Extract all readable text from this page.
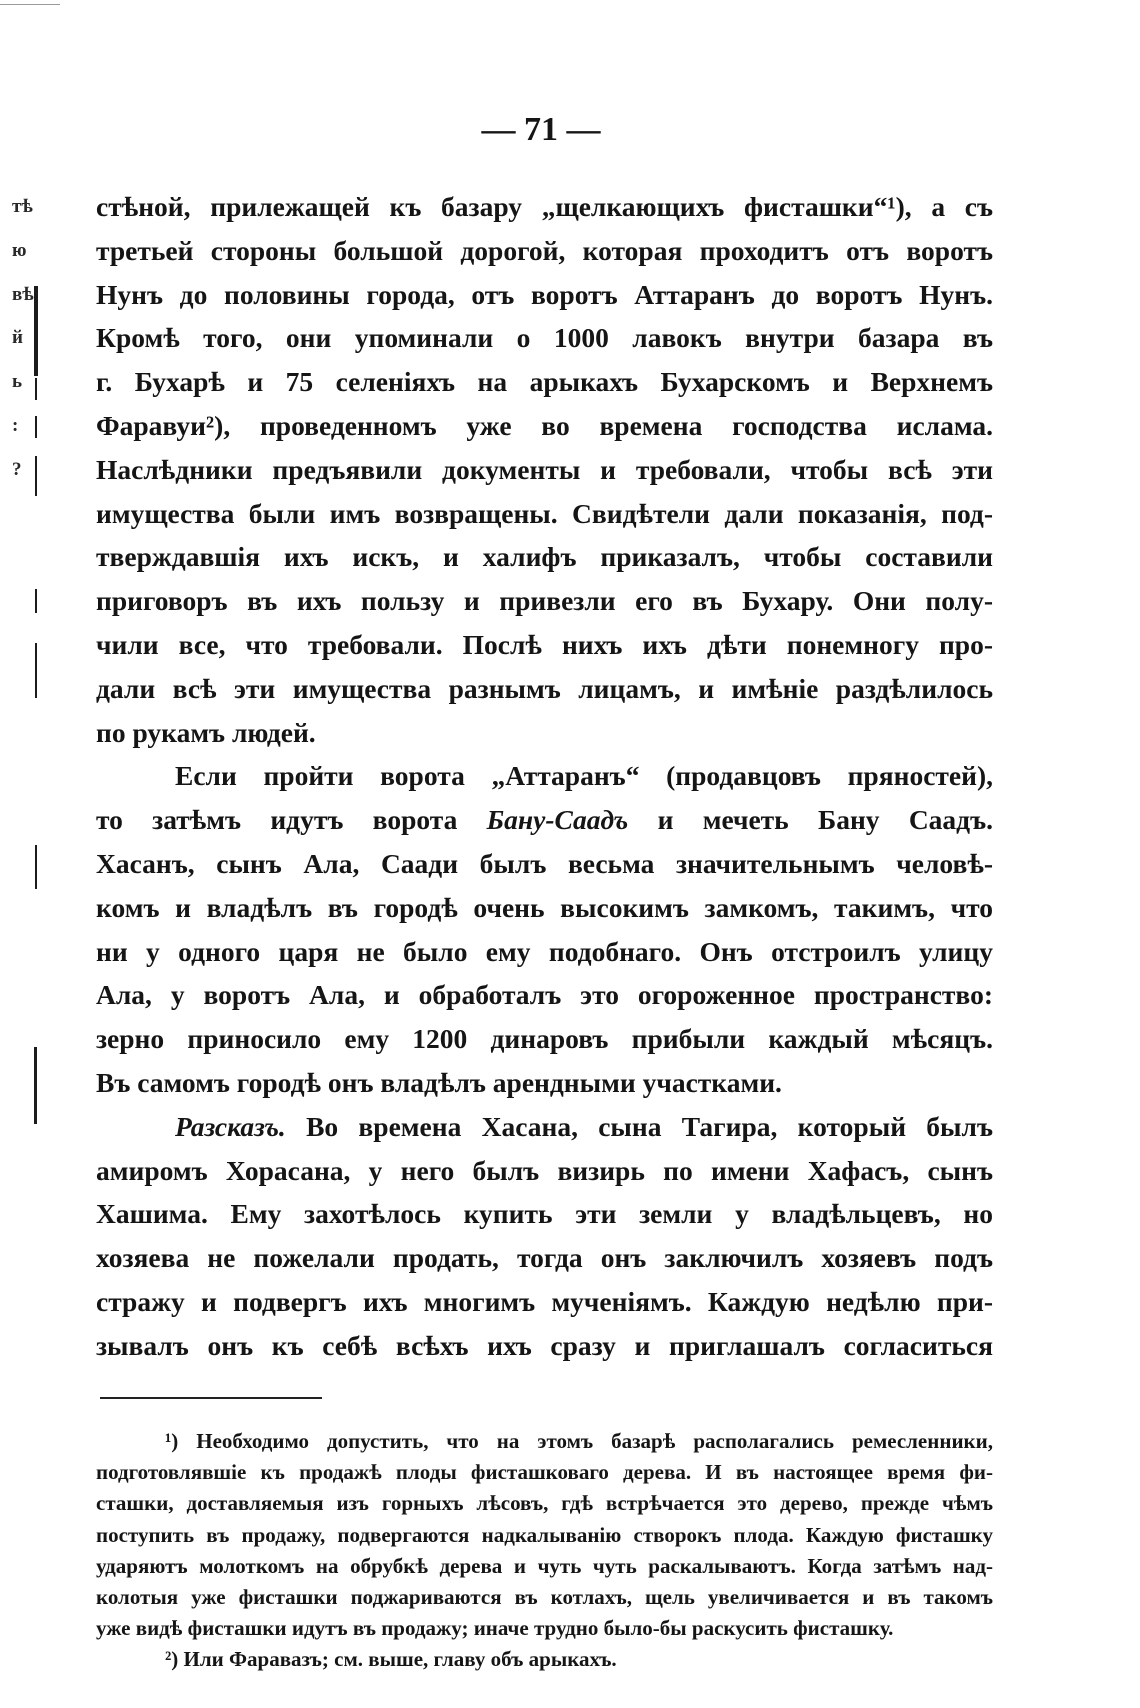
— 71 —
тѣ
ю
вѣ
й
ь
:
?
стѣной, прилежащей къ базару „щелкающихъ фисташки“¹), а съ
третьей стороны большой дорогой, которая проходитъ отъ воротъ
Нунъ до половины города, отъ воротъ Аттаранъ до воротъ Нунъ.
Кромѣ того, они упоминали о 1000 лавокъ внутри базара въ
г. Бухарѣ и 75 селеніяхъ на арыкахъ Бухарскомъ и Верхнемъ
Фаравуи²), проведенномъ уже во времена господства ислама.
Наслѣдники предъявили документы и требовали, чтобы всѣ эти
имущества были имъ возвращены. Свидѣтели дали показанія, под-
тверждавшія ихъ искъ, и халифъ приказалъ, чтобы составили
приговоръ въ ихъ пользу и привезли его въ Бухару. Они полу-
чили все, что требовали. Послѣ нихъ ихъ дѣти понемногу про-
дали всѣ эти имущества разнымъ лицамъ, и имѣніе раздѣлилось
по рукамъ людей.
Если пройти ворота „Аттаранъ“ (продавцовъ пряностей),
то затѣмъ идутъ ворота Бану-Саадъ и мечеть Бану Саадъ.
Хасанъ, сынъ Ала, Саади былъ весьма значительнымъ человѣ-
комъ и владѣлъ въ городѣ очень высокимъ замкомъ, такимъ, что
ни у одного царя не было ему подобнаго. Онъ отстроилъ улицу
Ала, у воротъ Ала, и обработалъ это огороженное пространство:
зерно приносило ему 1200 динаровъ прибыли каждый мѣсяцъ.
Въ самомъ городѣ онъ владѣлъ арендными участками.
Разсказъ. Во времена Хасана, сына Тагира, который былъ
амиромъ Хорасана, у него былъ визирь по имени Хафасъ, сынъ
Хашима. Ему захотѣлось купить эти земли у владѣльцевъ, но
хозяева не пожелали продать, тогда онъ заключилъ хозяевъ подъ
стражу и подвергъ ихъ многимъ мученіямъ. Каждую недѣлю при-
зывалъ онъ къ себѣ всѣхъ ихъ сразу и приглашалъ согласиться
¹) Необходимо допустить, что на этомъ базарѣ располагались ремесленники,
подготовлявшіе къ продажѣ плоды фисташковаго дерева. И въ настоящее время фи-
сташки, доставляемыя изъ горныхъ лѣсовъ, гдѣ встрѣчается это дерево, прежде чѣмъ
поступить въ продажу, подвергаются надкалыванію створокъ плода. Каждую фисташку
ударяютъ молоткомъ на обрубкѣ дерева и чуть чуть раскалываютъ. Когда затѣмъ над-
колотыя уже фисташки поджариваются въ котлахъ, щель увеличивается и въ такомъ
уже видѣ фисташки идутъ въ продажу; иначе трудно было-бы раскусить фисташку.
²) Или Фаравазъ; см. выше, главу объ арыкахъ.
